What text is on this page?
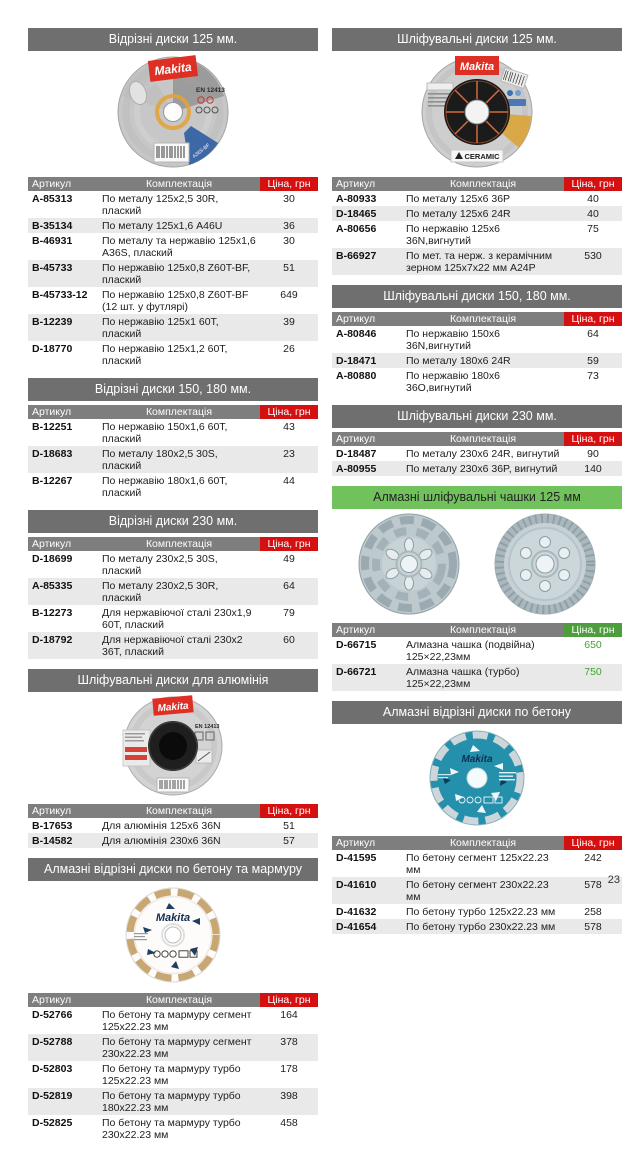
Відрізні диски 125 мм.
Makita
EN 12413
A36S-BF
Артикул	Комплектація	Ціна, грн
A-85313	По металу 125х2,5 30R, плаский	30
B-35134	По металу 125х1,6 A46U	36
B-46931	По металу та нержавію 125х1,6 A36S, плаский	30
B-45733	По нержавію 125х0,8 Z60T-BF, плаский	51
B-45733-12	По нержавію 125х0,8 Z60T-BF (12 шт. у футлярі)	649
B-12239	По нержавію 125х1 60T, плаский	39
D-18770	По нержавію 125х1,2 60T, плаский	26
Відрізні диски 150, 180 мм.
Артикул	Комплектація	Ціна, грн
B-12251	По нержавію 150х1,6 60T, плаский	43
D-18683	По металу 180х2,5 30S, плаский	23
B-12267	По нержавію 180х1,6 60T, плаский	44
Відрізні диски 230 мм.
Артикул	Комплектація	Ціна, грн
D-18699	По металу 230х2,5 30S, плаский	49
A-85335	По металу 230х2,5 30R, плаский	64
B-12273	Для нержавіючої сталі 230х1,9 60T, плаский	79
D-18792	Для нержавіючої сталі 230х2 36T, плаский	60
Шліфувальні диски для алюмінія
Makita
EN 12413
Артикул	Комплектація	Ціна, грн
B-17653	Для алюмінія 125х6 36N	51
B-14582	Для алюмінія 230х6 36N	57
Алмазні відрізні диски по бетону та мармуру
Makita
Артикул	Комплектація	Ціна, грн
D-52766	По бетону та мармуру сегмент 125х22.23 мм	164
D-52788	По бетону та мармуру сегмент 230х22.23 мм	378
D-52803	По бетону та мармуру турбо 125х22.23 мм	178
D-52819	По бетону та мармуру турбо 180х22.23 мм	398
D-52825	По бетону та мармуру турбо 230х22.23 мм	458
Шліфувальні диски 125 мм.
Makita
CERAMIC
Артикул	Комплектація	Ціна, грн
A-80933	По металу 125х6 36P	40
D-18465	По металу 125х6 24R	40
A-80656	По нержавію 125х6 36N,вигнутий	75
B-66927	По мет. та нерж. з керамічним зерном 125х7х22 мм A24P	530
Шліфувальні диски 150, 180 мм.
Артикул	Комплектація	Ціна, грн
A-80846	По нержавію 150х6 36N,вигнутий	64
D-18471	По металу 180х6 24R	59
A-80880	По нержавію 180х6 36O,вигнутий	73
Шліфувальні диски 230 мм.
Артикул	Комплектація	Ціна, грн
D-18487	По металу 230х6 24R, вигнутий	90
A-80955	По металу 230х6 36P, вигнутий	140
Алмазні шліфувальні чашки 125 мм
Артикул	Комплектація	Ціна, грн
D-66715	Алмазна чашка (подвійна) 125×22,23мм	650
D-66721	Алмазна чашка (турбо) 125×22,23мм	750
Алмазні відрізні диски по бетону
Makita
Артикул	Комплектація	Ціна, грн
D-41595	По бетону сегмент 125х22.23 мм	242
D-41610	По бетону сегмент 230х22.23 мм	578
D-41632	По бетону турбо 125х22.23 мм	258
D-41654	По бетону турбо 230х22.23 мм	578
23
